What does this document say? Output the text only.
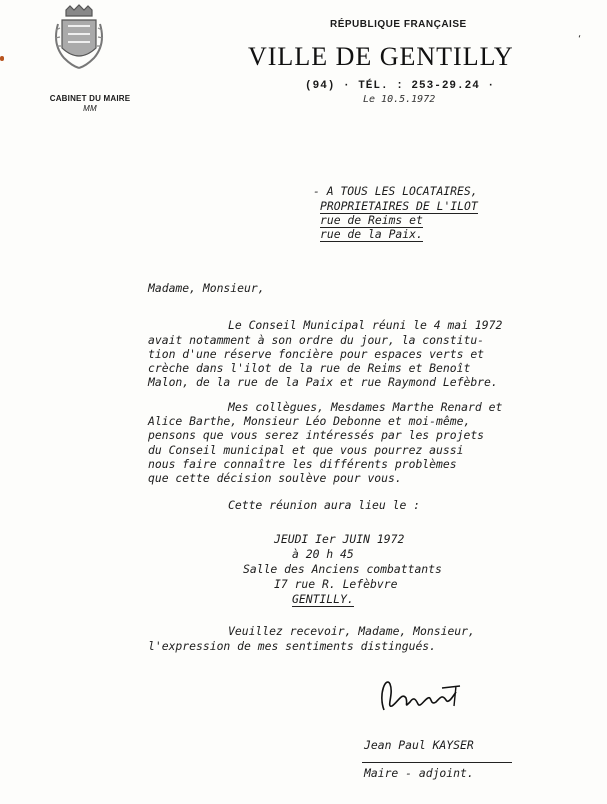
CABINET DU MAIRE
MM
RÉPUBLIQUE FRANÇAISE
VILLE DE GENTILLY
(94) · TÉL. : 253-29.24 ·
Le 10.5.1972
‘
- A TOUS LES LOCATAIRES,
PROPRIETAIRES DE L'ILOT
rue de Reims et
rue de la Paix.
Madame, Monsieur,
Le Conseil Municipal réuni le 4 mai 1972
avait notamment à son ordre du jour, la constitu-
tion d'une réserve foncière pour espaces verts et
crèche dans l'ilot de la rue de Reims et Benoît
Malon, de la rue de la Paix et rue Raymond Lefèbre.
Mes collègues, Mesdames Marthe Renard et
Alice Barthe, Monsieur Léo Debonne et moi-même,
pensons que vous serez intéressés par les projets
du Conseil municipal et que vous pourrez aussi
nous faire connaître les différents problèmes
que cette décision soulève pour vous.
Cette réunion aura lieu le :
JEUDI Ier JUIN 1972
à 20 h 45
Salle des Anciens combattants
I7 rue R. Lefèbvre
GENTILLY.
Veuillez recevoir, Madame, Monsieur,
l'expression de mes sentiments distingués.
Jean Paul KAYSER
Maire - adjoint.
